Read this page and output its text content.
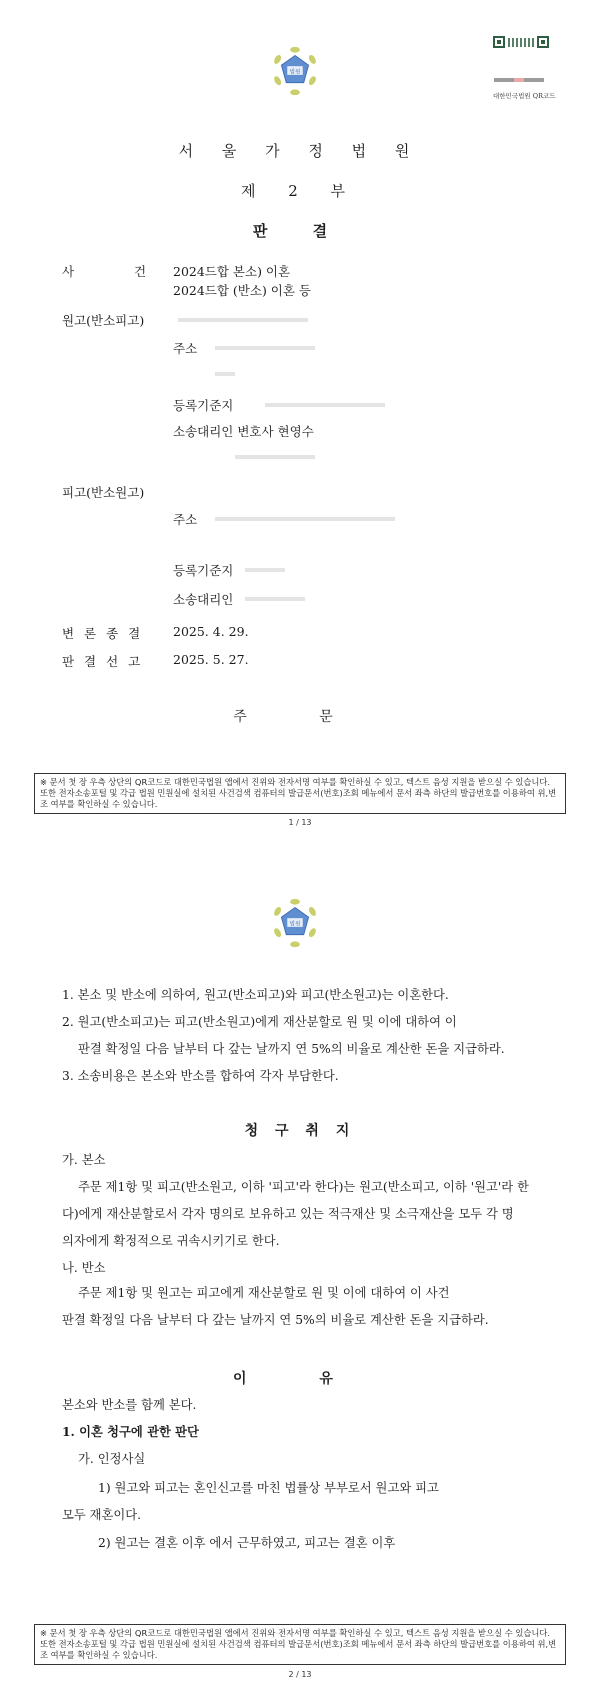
법원
대한민국법원 QR코드
서 울 가 정 법 원
제 2 부
판 결
사 건
2024드합 본소) 이혼
2024드합 (반소) 이혼 등
원고(반소피고)
주소
등록기준지
소송대리인 변호사 현영수
피고(반소원고)
주소
등록기준지
소송대리인
변 론 종 결 2025. 4. 29.
판 결 선 고 2025. 5. 27.
주 문
※ 문서 첫 장 우측 상단의 QR코드로 대한민국법원 앱에서 진위와 전자서명 여부를 확인하실 수 있고, 텍스트 음성 지원을 받으실 수 있습니다. 또한 전자소송포털 및 각급 법원 민원실에 설치된 사건검색 컴퓨터의 발급문서(번호)조회 메뉴에서 문서 좌측 하단의 발급번호를 이용하여 위,변조 여부를 확인하실 수 있습니다.
1 / 13
법원
1. 본소 및 반소에 의하여, 원고(반소피고)와 피고(반소원고)는 이혼한다.
2. 원고(반소피고)는 피고(반소원고)에게 재산분할로 원 및 이에 대하여 이
판결 확정일 다음 날부터 다 갚는 날까지 연 5%의 비율로 계산한 돈을 지급하라.
3. 소송비용은 본소와 반소를 합하여 각자 부담한다.
청 구 취 지
가. 본소
주문 제1항 및 피고(반소원고, 이하 '피고'라 한다)는 원고(반소피고, 이하 '원고'라 한
다)에게 재산분할로서 각자 명의로 보유하고 있는 적극재산 및 소극재산을 모두 각 명
의자에게 확정적으로 귀속시키기로 한다.
나. 반소
주문 제1항 및 원고는 피고에게 재산분할로 원 및 이에 대하여 이 사건
판결 확정일 다음 날부터 다 갚는 날까지 연 5%의 비율로 계산한 돈을 지급하라.
이 유
본소와 반소를 함께 본다.
1. 이혼 청구에 관한 판단
가. 인정사실
1) 원고와 피고는 혼인신고를 마친 법률상 부부로서 원고와 피고
모두 재혼이다.
2) 원고는 결혼 이후 에서 근무하였고, 피고는 결혼 이후
※ 문서 첫 장 우측 상단의 QR코드로 대한민국법원 앱에서 진위와 전자서명 여부를 확인하실 수 있고, 텍스트 음성 지원을 받으실 수 있습니다. 또한 전자소송포털 및 각급 법원 민원실에 설치된 사건검색 컴퓨터의 발급문서(번호)조회 메뉴에서 문서 좌측 하단의 발급번호를 이용하여 위,변조 여부를 확인하실 수 있습니다.
2 / 13
